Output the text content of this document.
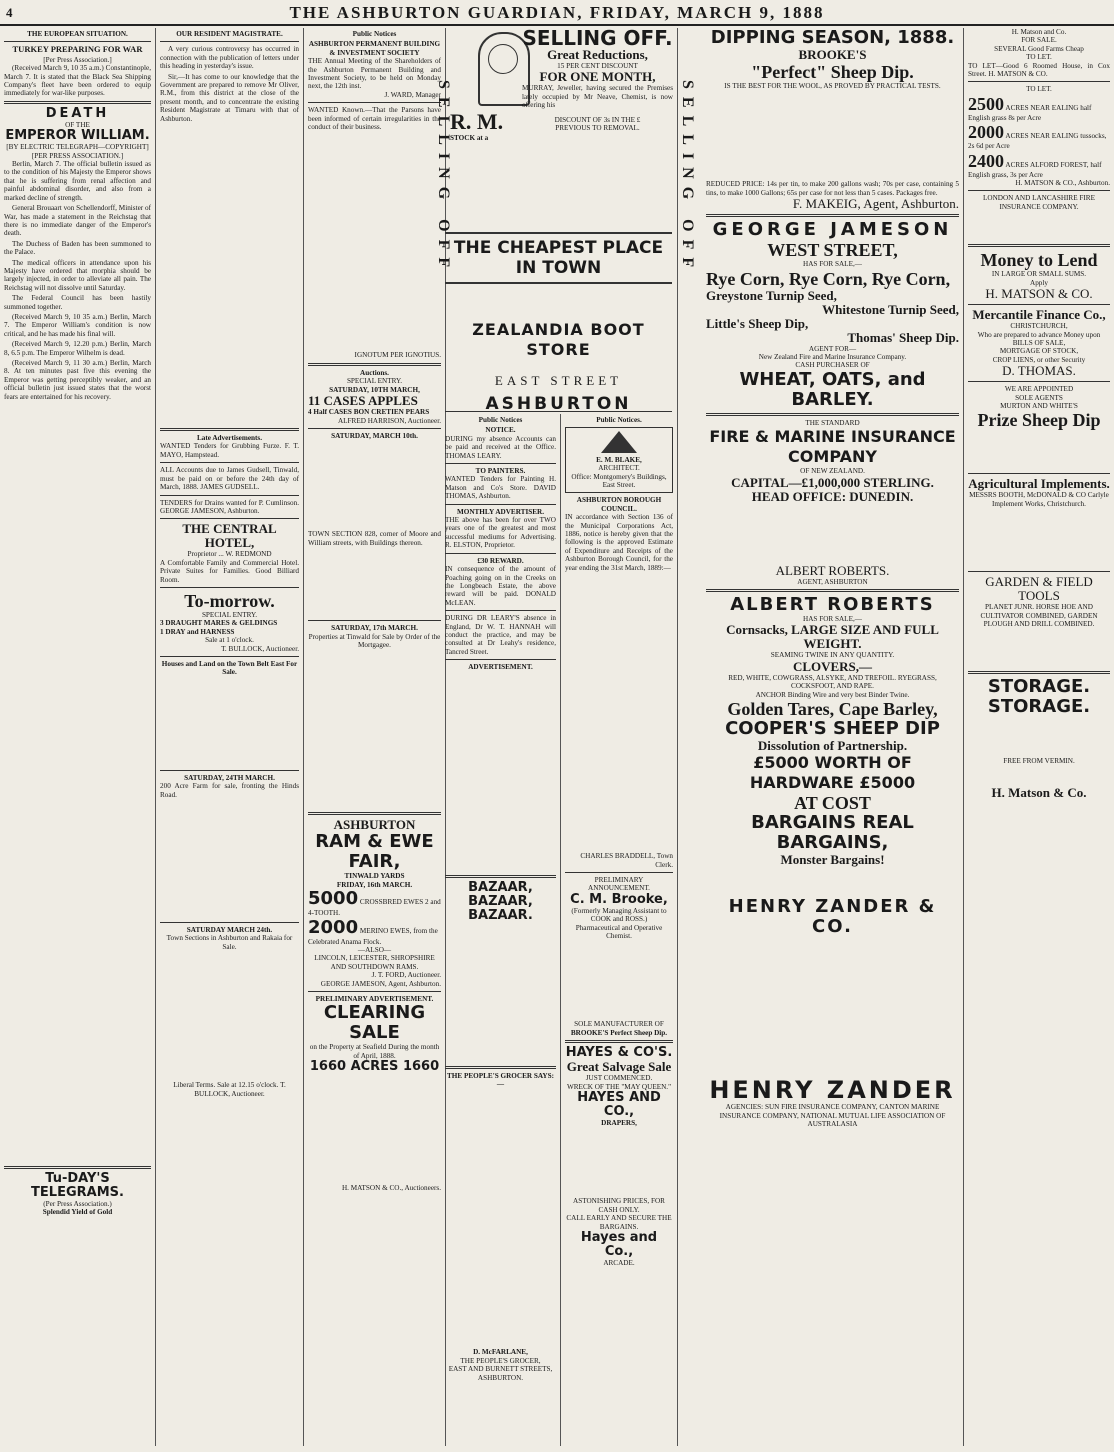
4	THE ASHBURTON GUARDIAN, FRIDAY, MARCH 9, 1888
THE EUROPEAN SITUATION.
TURKEY PREPARING FOR WAR
[Per Press Association.]

(Received March 9, 10 35 a.m.) Constantinople, March 7. It is stated that the Black Sea Shipping Company's fleet have been ordered to equip immediately for war-like purposes.

DEATH
OF THE
EMPEROR WILLIAM.
[BY ELECTRIC TELEGRAPH—COPYRIGHT]
[PER PRESS ASSOCIATION.]

Berlin, March 7. The official bulletin issued as to the condition of his Majesty the Emperor shows that he is suffering from renal affection and painful abdominal disorder, and also from a marked decline of strength.

General Brouaart von Schellendorff, Minister of War, has made a statement in the Reichstag that there is no immediate danger of the Emperor's death.

The Duchess of Baden has been summoned to the Palace.

The medical officers in attendance upon his Majesty have ordered that morphia should be largely injected, in order to alleviate all pain. The Reichstag will not dissolve until Saturday.

The Federal Council has been hastily summoned together.

(Received March 9, 10 35 a.m.) Berlin, March 7. The Emperor William's condition is now critical, and he has made his final will.

(Received March 9, 12.20 p.m.) Berlin, March 8, 6.5 p.m. The Emperor Wilhelm is dead.

(Received March 9, 11 30 a.m.) Berlin, March 8. At ten minutes past five this evening the Emperor was getting perceptibly weaker, and an official bulletin just issued states that the worst fears are entertained for his recovery.

Tu-DAY'S TELEGRAMS.
(Per Press Association.)
Splendid Yield of Gold
OUR RESIDENT MAGISTRATE.

A very curious controversy has occurred in connection with the publication of letters under this heading in yesterday's issue.

Sir,—It has come to our knowledge that the Government are prepared to remove Mr Oliver, R.M., from this district at the close of the present month, and to concentrate the existing Resident Magistrate at Timaru with that of Ashburton.

Late Advertisements.
WANTED Tenders for Grubbing Furze. F. T. MAYO, Hampstead.
ALL Accounts due to James Gudsell, Tinwald, must be paid on or before the 24th day of March, 1888. JAMES GUDSELL.
TENDERS for Drains wanted for P. Cumlinson. GEORGE JAMESON, Ashburton.
THE CENTRAL HOTEL,
Proprietor ... W. REDMOND
A Comfortable Family and Commercial Hotel. Private Suites for Families. Good Billiard Room.
To-morrow.
SPECIAL ENTRY.
3 DRAUGHT MARES & GELDINGS
1 DRAY and HARNESS
Sale at 1 o'clock.
T. BULLOCK, Auctioneer.
Houses and Land on the Town Belt East For Sale.
SATURDAY, 24TH MARCH.
200 Acre Farm for sale, fronting the Hinds Road.
SATURDAY MARCH 24th.
Town Sections in Ashburton and Rakaia for Sale.
Liberal Terms. Sale at 12.15 o'clock. T. BULLOCK, Auctioneer.
Public Notices
ASHBURTON PERMANENT BUILDING & INVESTMENT SOCIETY
THE Annual Meeting of the Shareholders of the Ashburton Permanent Building and Investment Society, to be held on Monday next, the 12th inst.
J. WARD, Manager
WANTED Known.—That the Parsons have been informed of certain irregularities in the conduct of their business.
IGNOTUM PER IGNOTIUS.
Auctions.
SPECIAL ENTRY.
SATURDAY, 10TH MARCH,
11 CASES APPLES
4 Half CASES BON CRETIEN PEARS
ALFRED HARRISON, Auctioneer.
SATURDAY, MARCH 10th.
TOWN SECTION 828, corner of Moore and William streets, with Buildings thereon.
SATURDAY, 17th MARCH.
Properties at Tinwald for Sale by Order of the Mortgagee.
ASHBURTON
RAM & EWE FAIR,
TINWALD YARDS
FRIDAY, 16th MARCH.
5000 CROSSBRED EWES 2 and 4-TOOTH.
2000 MERINO EWES, from the Celebrated Anama Flock.
—ALSO—
LINCOLN, LEICESTER, SHROPSHIRE AND SOUTHDOWN RAMS.
J. T. FORD, Auctioneer.
GEORGE JAMESON, Agent, Ashburton.
PRELIMINARY ADVERTISEMENT.
CLEARING SALE
on the Property at Seafield During the month of April, 1888.
1660 ACRES 1660
H. MATSON & CO., Auctioneers.
R. M.
STOCK at a
SELLING OFF
SELLING OFF.
Great Reductions,
15 PER CENT DISCOUNT
FOR ONE MONTH,
MURRAY, Jeweller, having secured the Premises lately occupied by Mr Neave, Chemist, is now offering his
DISCOUNT OF 3s IN THE £
PREVIOUS TO REMOVAL.
THE CHEAPEST PLACE IN TOWN
ZEALANDIA BOOT STORE
EAST STREET
ASHBURTON
Public Notices
NOTICE.
DURING my absence Accounts can be paid and received at the Office. THOMAS LEARY.
TO PAINTERS.
WANTED Tenders for Painting H. Matson and Co's Store. DAVID THOMAS, Ashburton.
MONTHLY ADVERTISER.
THE above has been for over TWO years one of the greatest and most successful mediums for Advertising. R. ELSTON, Proprietor.
£30 REWARD.
IN consequence of the amount of Poaching going on in the Creeks on the Longbeach Estate, the above reward will be paid. DONALD McLEAN.
DURING DR LEARY'S absence in England, Dr W. T. HANNAH will conduct the practice, and may be consulted at Dr Leahy's residence, Tancred Street.
ADVERTISEMENT.
BAZAAR, BAZAAR, BAZAAR.
THE PEOPLE'S GROCER SAYS:—
D. McFARLANE,
THE PEOPLE'S GROCER,
EAST AND BURNETT STREETS, ASHBURTON.
Public Notices.
E. M. BLAKE,
ARCHITECT.
Office: Montgomery's Buildings, East Street.
ASHBURTON BOROUGH COUNCIL.
IN accordance with Section 136 of the Municipal Corporations Act, 1886, notice is hereby given that the following is the approved Estimate of Expenditure and Receipts of the Ashburton Borough Council, for the year ending the 31st March, 1889:—
CHARLES BRADDELL, Town Clerk.
PRELIMINARY ANNOUNCEMENT.
C. M. Brooke,
(Formerly Managing Assistant to COOK and ROSS.)
Pharmaceutical and Operative Chemist.
SOLE MANUFACTURER OF
BROOKE'S Perfect Sheep Dip.
HAYES & CO'S.
Great Salvage Sale
JUST COMMENCED.
WRECK OF THE "MAY QUEEN."
HAYES AND CO.,
DRAPERS,
ASTONISHING PRICES, FOR CASH ONLY.
CALL EARLY AND SECURE THE BARGAINS.
Hayes and Co.,
ARCADE.
SELLING OFF
DIPPING SEASON, 1888.
BROOKE'S
"Perfect" Sheep Dip.
IS THE BEST FOR THE WOOL, AS PROVED BY PRACTICAL TESTS.
REDUCED PRICE: 14s per tin, to make 200 gallons wash; 70s per case, containing 5 tins, to make 1000 Gallons; 65s per case for not less than 5 cases. Packages free.
F. MAKEIG, Agent, Ashburton.
GEORGE JAMESON
WEST STREET,
HAS FOR SALE,—
Rye Corn, Rye Corn, Rye Corn,
Greystone Turnip Seed,
Whitestone Turnip Seed,
Little's Sheep Dip,
Thomas' Sheep Dip.
AGENT FOR—
New Zealand Fire and Marine Insurance Company.
CASH PURCHASER OF
WHEAT, OATS, and BARLEY.
THE STANDARD
FIRE & MARINE INSURANCE COMPANY
OF NEW ZEALAND.
CAPITAL—£1,000,000 STERLING.
HEAD OFFICE: DUNEDIN.
ALBERT ROBERTS.
AGENT, ASHBURTON
ALBERT ROBERTS
HAS FOR SALE,—
Cornsacks, LARGE SIZE AND FULL WEIGHT.
SEAMING TWINE IN ANY QUANTITY.
CLOVERS,—
RED, WHITE, COWGRASS, ALSYKE, AND TREFOIL. RYEGRASS, COCKSFOOT, AND RAPE.
ANCHOR Binding Wire and very best Binder Twine.
Golden Tares, Cape Barley,
COOPER'S SHEEP DIP
Dissolution of Partnership.
£5000 WORTH OF HARDWARE £5000
AT COST
BARGAINS REAL BARGAINS,
Monster Bargains!
HENRY ZANDER & CO.
HENRY ZANDER
AGENCIES: SUN FIRE INSURANCE COMPANY, CANTON MARINE INSURANCE COMPANY, NATIONAL MUTUAL LIFE ASSOCIATION OF AUSTRALASIA
H. Matson and Co.
FOR SALE.
SEVERAL Good Farms Cheap
TO LET.
TO LET—Good 6 Roomed House, in Cox Street. H. MATSON & CO.
TO LET.
2500 ACRES NEAR EALING half English grass 8s per Acre
2000 ACRES NEAR EALING tussocks, 2s 6d per Acre
2400 ACRES ALFORD FOREST, half English grass, 3s per Acre
H. MATSON & CO., Ashburton.
LONDON AND LANCASHIRE FIRE INSURANCE COMPANY.
Money to Lend
IN LARGE OR SMALL SUMS.
Apply
H. MATSON & CO.
Mercantile Finance Co.,
CHRISTCHURCH,
Who are prepared to advance Money upon
BILLS OF SALE,
MORTGAGE OF STOCK,
CROP LIENS, or other Security
D. THOMAS.
WE ARE APPOINTED
SOLE AGENTS
MURTON AND WHITE'S
Prize Sheep Dip
Agricultural Implements.
MESSRS BOOTH, McDONALD & CO Carlyle Implement Works, Christchurch.
GARDEN & FIELD TOOLS
PLANET JUNR. HORSE HOE AND CULTIVATOR COMBINED, GARDEN PLOUGH AND DRILL COMBINED.
STORAGE. STORAGE.
FREE FROM VERMIN.
H. Matson & Co.
